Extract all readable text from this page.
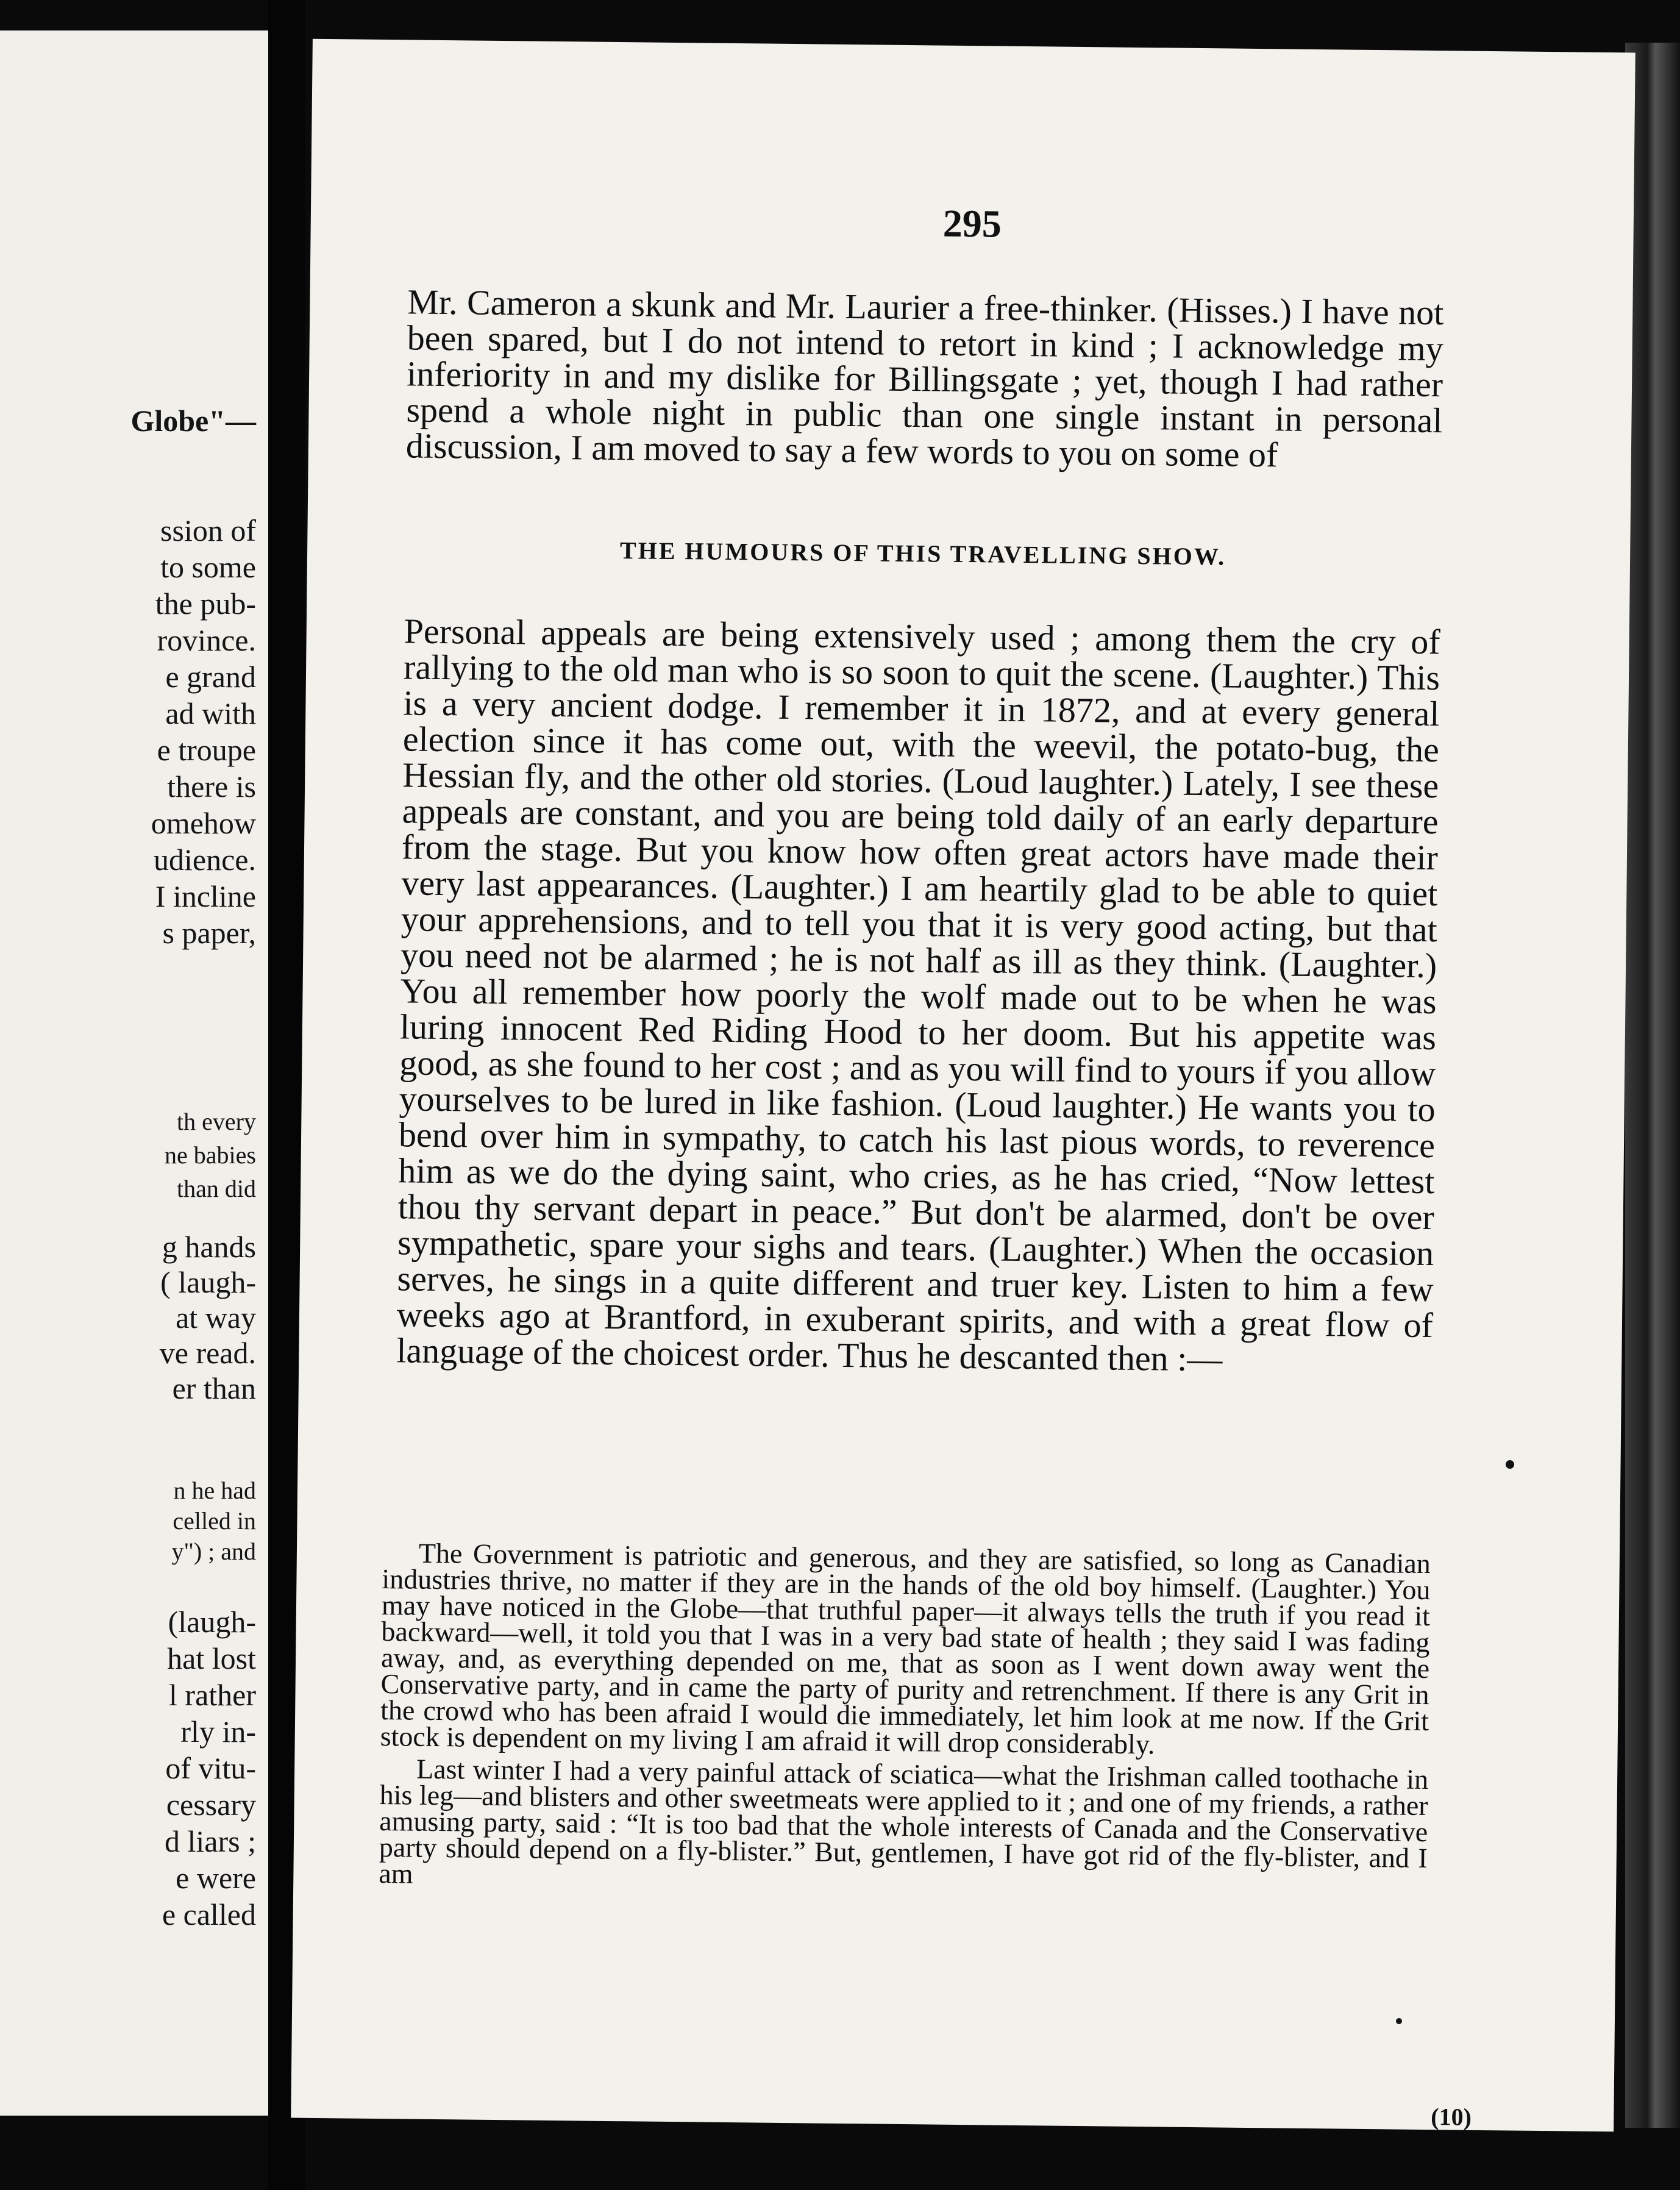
Globe"—
ssion of
to some
the pub-
rovince.
e grand
ad with
e troupe
there is
omehow
udience.
I incline
s paper,
th every
ne babies
than did
g hands
( laugh-
at way
ve read.
er than
n he had
celled in
y") ; and
(laugh-
hat lost
l rather
rly in-
of vitu-
cessary
d liars ;
e were
e called
295

Mr. Cameron a skunk and Mr. Laurier a free-thinker. (Hisses.) I have not been spared, but I do not intend to retort in kind ; I acknowledge my inferiority in and my dislike for Billingsgate ; yet, though I had rather spend a whole night in public than one single instant in personal discussion, I am moved to say a few words to you on some of

THE HUMOURS OF THIS TRAVELLING SHOW.

Personal appeals are being extensively used ; among them the cry of rallying to the old man who is so soon to quit the scene. (Laughter.) This is a very ancient dodge. I remember it in 1872, and at every general election since it has come out, with the weevil, the potato-bug, the Hessian fly, and the other old stories. (Loud laughter.) Lately, I see these appeals are constant, and you are being told daily of an early departure from the stage. But you know how often great actors have made their very last appearances. (Laughter.) I am heartily glad to be able to quiet your apprehensions, and to tell you that it is very good acting, but that you need not be alarmed ; he is not half as ill as they think. (Laughter.) You all remember how poorly the wolf made out to be when he was luring innocent Red Riding Hood to her doom. But his appetite was good, as she found to her cost ; and as you will find to yours if you allow yourselves to be lured in like fashion. (Loud laughter.) He wants you to bend over him in sympathy, to catch his last pious words, to reverence him as we do the dying saint, who cries, as he has cried, “Now lettest thou thy servant depart in peace.” But don't be alarmed, don't be over sympathetic, spare your sighs and tears. (Laughter.) When the occasion serves, he sings in a quite different and truer key. Listen to him a few weeks ago at Brantford, in exuberant spirits, and with a great flow of language of the choicest order. Thus he descanted then :—

The Government is patriotic and generous, and they are satisfied, so long as Canadian industries thrive, no matter if they are in the hands of the old boy himself. (Laughter.) You may have noticed in the Globe—that truthful paper—it always tells the truth if you read it backward—well, it told you that I was in a very bad state of health ; they said I was fading away, and, as everything depended on me, that as soon as I went down away went the Conservative party, and in came the party of purity and retrenchment. If there is any Grit in the crowd who has been afraid I would die immediately, let him look at me now. If the Grit stock is dependent on my living I am afraid it will drop considerably.

Last winter I had a very painful attack of sciatica—what the Irishman called toothache in his leg—and blisters and other sweetmeats were applied to it ; and one of my friends, a rather amusing party, said : “It is too bad that the whole interests of Canada and the Conservative party should depend on a fly-blister.” But, gentlemen, I have got rid of the fly-blister, and I am

(10)
